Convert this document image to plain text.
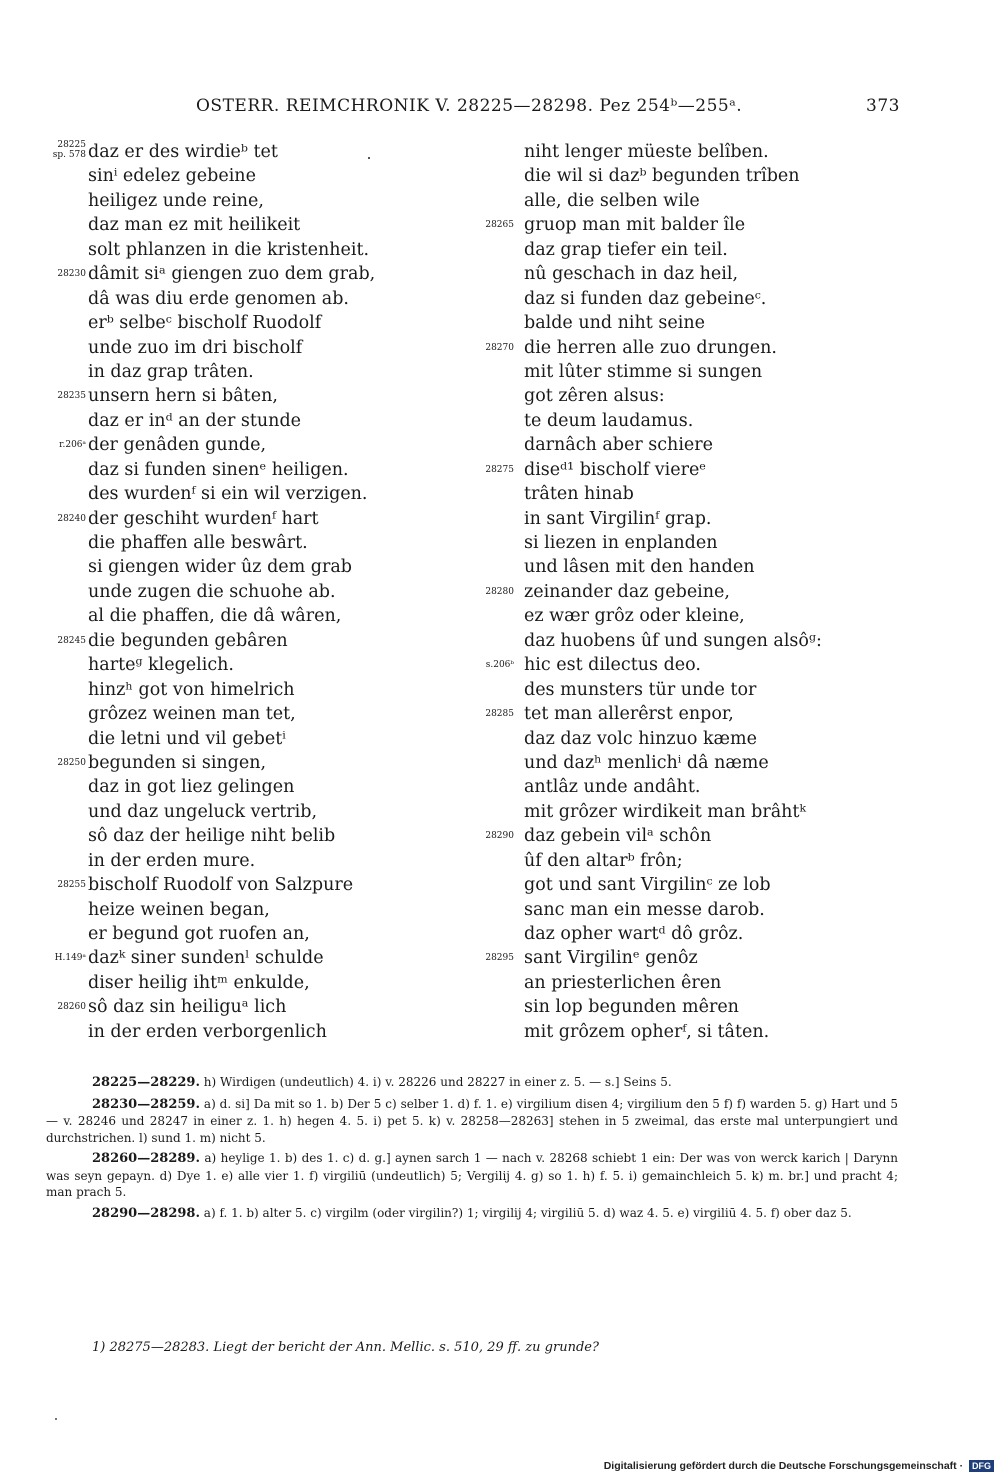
OSTERR. REIMCHRONIK V. 28225—28298. Pez 254ᵇ—255ᵃ.	373
28225
sp. 578 daz er des wirdieᵇ tet
sinⁱ edelez gebeine
heiligez unde reine,
daz man ez mit heilikeit
solt phlanzen in die kristenheit.
28230 dâmit siᵃ giengen zuo dem grab,
dâ was diu erde genomen ab.
erᵇ selbeᶜ bischolf Ruodolf
unde zuo im dri bischolf
in daz grap trâten.
28235 unsern hern si bâten,
daz er inᵈ an der stunde
r.206ᵃ der genâden gunde,
daz si funden sinenᵉ heiligen.
des wurdenᶠ si ein wil verzigen.
28240 der geschiht wurdenᶠ hart
die phaffen alle beswârt.
si giengen wider ûz dem grab
unde zugen die schuohe ab.
al die phaffen, die dâ wâren,
28245 die begunden gebâren
harteᵍ klegelich.
hinzʰ got von himelrich
grôzez weinen man tet,
die letni und vil gebetⁱ
28250 begunden si singen,
daz in got liez gelingen
und daz ungeluck vertrib,
sô daz der heilige niht belib
in der erden mure.
28255 bischolf Ruodolf von Salzpure
heize weinen began,
er begund got ruofen an,
H.149ᵃ dazᵏ siner sundenˡ schulde
diser heilig ihtᵐ enkulde,
28260 sô daz sin heiliguᵃ lich
in der erden verborgenlich
niht lenger müeste belîben.
die wil si dazᵇ begunden trîben
alle, die selben wile
28265 gruop man mit balder île
daz grap tiefer ein teil.
nû geschach in daz heil,
daz si funden daz gebeineᶜ.
balde und niht seine
28270 die herren alle zuo drungen.
mit lûter stimme si sungen
got zêren alsus:
te deum laudamus.
darnâch aber schiere
28275 diseᵈ¹ bischolf viereᵉ
trâten hinab
in sant Virgilinᶠ grap.
si liezen in enplanden
und lâsen mit den handen
28280 zeinander daz gebeine,
ez wær grôz oder kleine,
daz huobens ûf und sungen alsôᵍ:
s.206ᵇ hic est dilectus deo.
des munsters tür unde tor
28285 tet man allerêrst enpor,
daz daz volc hinzuo kæme
und dazʰ menlichⁱ dâ næme
antlâz unde andâht.
mit grôzer wirdikeit man brâhtᵏ
28290 daz gebein vilᵃ schôn
ûf den altarᵇ frôn;
got und sant Virgilinᶜ ze lob
sanc man ein messe darob.
daz opher wartᵈ dô grôz.
28295 sant Virgilinᵉ genôz
an priesterlichen êren
sin lop begunden mêren
mit grôzem opherᶠ, si tâten.
28225—28229. h) Wirdigen (undeutlich) 4. i) v. 28226 und 28227 in einer z. 5. — s.] Seins 5.
28230—28259. a) d. si] Da mit so 1. b) Der 5 c) selber 1. d) f. 1. e) virgilium disen 4; virgilium den 5 f) f) warden 5. g) Hart und 5 — v. 28246 und 28247 in einer z. 1. h) hegen 4. 5. i) pet 5. k) v. 28258—28263] stehen in 5 zweimal, das erste mal unterpungiert und durchstrichen. l) sund 1. m) nicht 5.
28260—28289. a) heylige 1. b) des 1. c) d. g.] aynen sarch 1 — nach v. 28268 schiebt 1 ein: Der was von werck karich | Darynn was seyn gepayn. d) Dye 1. e) alle vier 1. f) virgiliū (undeutlich) 5; Vergilij 4. g) so 1. h) f. 5. i) gemainchleich 5. k) m. br.] und pracht 4; man prach 5.
28290—28298. a) f. 1. b) alter 5. c) virgilm (oder virgilin?) 1; virgilij 4; virgiliū 5. d) waz 4. 5. e) virgiliū 4. 5. f) ober daz 5.
1) 28275—28283. Liegt der bericht der Ann. Mellic. s. 510, 29 ff. zu grunde?
Digitalisierung gefördert durch die Deutsche Forschungsgemeinschaft · DFG
